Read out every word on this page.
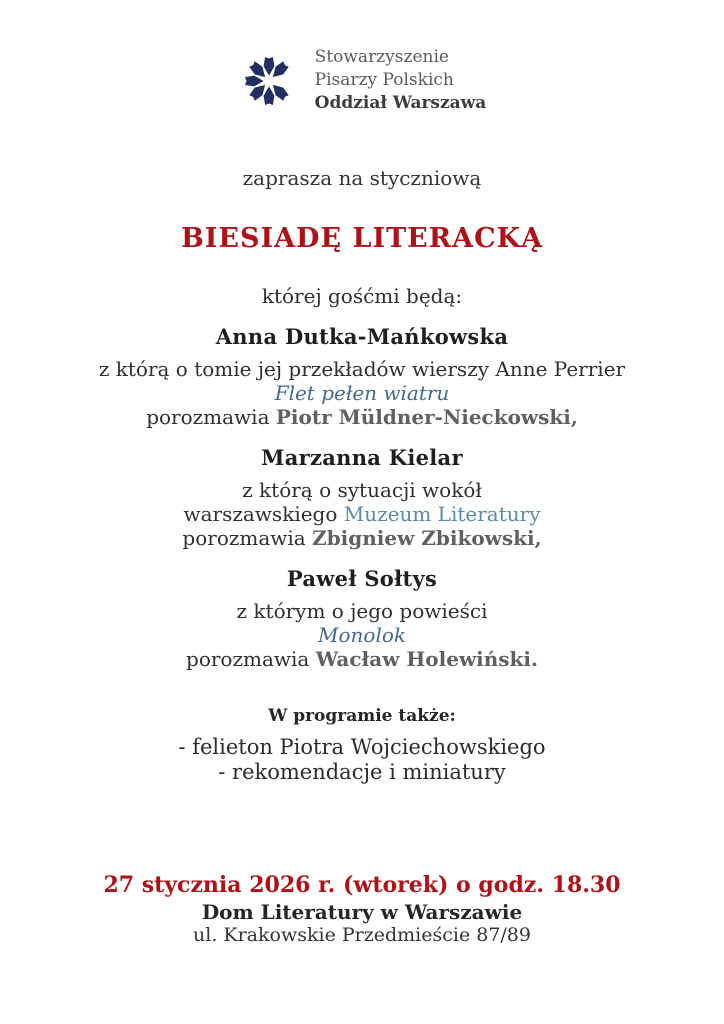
Stowarzyszenie
Pisarzy Polskich
Oddział Warszawa

zaprasza na styczniową

BIESIADĘ LITERACKĄ

której gośćmi będą:

Anna Dutka-Mańkowska

z którą o tomie jej przekładów wierszy Anne Perrier

Flet pełen wiatru

porozmawia Piotr Müldner-Nieckowski,

Marzanna Kielar

z którą o sytuacji wokół

warszawskiego Muzeum Literatury

porozmawia Zbigniew Zbikowski,

Paweł Sołtys

z którym o jego powieści

Monolok

porozmawia Wacław Holewiński.

W programie także:

- felieton Piotra Wojciechowskiego

- rekomendacje i miniatury

27 stycznia 2026 r. (wtorek) o godz. 18.30

Dom Literatury w Warszawie

ul. Krakowskie Przedmieście 87/89
